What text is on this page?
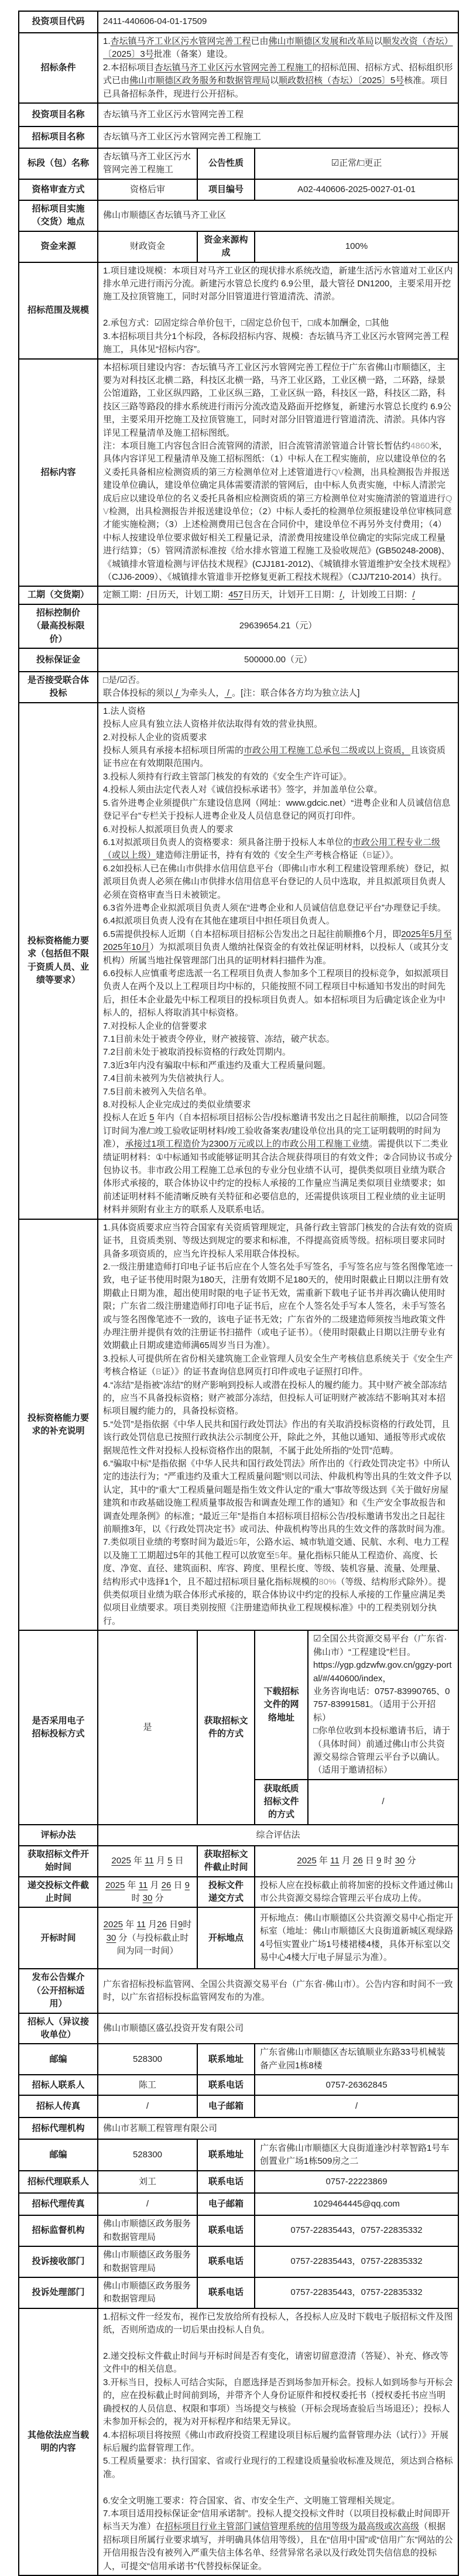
投资项目代码	2411-440606-04-01-17509			
招标条件	1.杏坛镇马齐工业区污水管网完善工程已由佛山市顺德区发展和改革局以顺发改资（杏坛）〔2025〕3号批准（备案）建设。
2.本招标项目杏坛镇马齐工业区污水管网完善工程施工的招标范围、招标方式、招标组织形式已由佛山市顺德区政务服务和数据管理局以顺政数招核（杏坛）〔2025〕5号核准。项目已具备招标条件，现进行公开招标。			
投资项目名称	杏坛镇马齐工业区污水管网完善工程			
招标项目名称	杏坛镇马齐工业区污水管网完善工程施工			
标段（包）名称	杏坛镇马齐工业区污水管网完善工程施工	公告性质	☑正常/□更正	
资格审查方式	资格后审	项目编号	A02-440606-2025-0027-01-01	
招标项目实施
（交货）地点	佛山市顺德区杏坛镇马齐工业区			
资金来源	财政资金	资金来源构成	100%	
招标范围及规模	1.项目建设规模：本项目对马齐工业区的现状排水系统改造，新建生活污水管道对工业区内排水单元进行雨污分流。新建污水管总长度约 6.9公里，最大管径 DN1200，主要采用开挖施工及拉顶管施工，同时对部分旧管道进行管道清洗、清淤。

2.承包方式：☑固定综合单价包干，□固定总价包干，□成本加酬金，□其他
3.本招标项目共分1个标段，各标段招标内容、规模：杏坛镇马齐工业区污水管网完善工程施工，具体见“招标内容”。			
招标内容	本招标项目建设内容：杏坛镇马齐工业区污水管网完善工程位于广东省佛山市顺德区，主要为对科技区北横二路，科技区北横一路，马齐工业区路，工业区横一路，二环路，绿景公馆道路，工业区纵四路，工业区纵三路，工业区纵一路，科技区一路，科技区二路，科技区三路等路段的排水系统进行雨污分流改造及路面开挖修复，新建污水管总长度约 6.9公里，主要采用开挖施工及拉顶管施工，同时对部分旧管道进行管道清洗、清淤。具体内容详见工程量清单及施工招标图纸。
注：本项目施工内容包含旧合流管网的清淤，旧合流管清淤管道合计管长暂估约4860米，具体内容详见工程量清单及施工招标图纸：（1）中标人在工程实施前，应以建设单位的名义委托具备相应检测资质的第三方检测单位对上述管道进行QV检测，出具检测报告并报送建设单位确认，建设单位确定具体需要清淤的管网后，由中标人负责实施，中标人清淤完成后应以建设单位的名义委托具备相应检测资质的第三方检测单位对实施清淤的管道进行QV检测，出具检测报告并报送建设单位；（2）中标人委托的检测单位须报建设单位审核同意才能实施检测；（3）上述检测费用已包含在合同价中，建设单位不再另外支付费用；（4）中标人按建设单位要求做好相关工程量记录，清淤费用按建设单位确定的实际完成工程量进行结算；（5）管网清淤标准按《给水排水管道工程施工及验收规范》(GB50248-2008)、《城镇排水管道检测与评估技术规程》(CJJ181-2012)、《城镇排水管道维护安全技术规程》（CJJ6-2009）、《城镇排水管道非开挖修复更新工程技术规程》（CJJ/T210-2014）执行。			
工期（交货期）	定额工期：/日历天，计划工期：457日历天，计划开工日期：/，计划竣工日期：/			
招标控制价
（最高投标限
价）	29639654.21（元）			
投标保证金	500000.00（元）			
是否接受联合体
投标	□是/☑否。
联合体投标的须以 / 为牵头人， / 。[注：联合体各方均为独立法人]			
投标资格能力要求（包括但不限于资质人员、业绩等要求）	1.法人资格
投标人应具有独立法人资格并依法取得有效的营业执照。
2.对投标人企业的资质要求
投标人须具有承接本招标项目所需的市政公用工程施工总承包二级或以上资质，且该资质证书应在有效期限范围内。
3.投标人须持有行政主管部门核发的有效的《安全生产许可证》。
4.投标人须由法定代表人对《诚信投标承诺书》签字，并加盖单位公章。
5.省外进粤企业须提供广东建设信息网（网址：www.gdcic.net）“进粤企业和人员诚信信息登记平台”专栏关于投标人进粤企业及人员信息登记的网页打印件。
6.对投标人拟派项目负责人的要求
6.1对拟派项目负责人的资格要求：须具备注册于投标人本单位的市政公用工程专业二级（或以上级）建造师注册证书，持有有效的《安全生产考核合格证（B证）》。
6.2如投标人已在佛山市供排水信用信息平台（即佛山市水利工程建设管理系统）登记，拟派项目负责人必须在佛山市供排水信用信息平台登记的人员中选取，并且拟派项目负责人必须在资格审查当日未被锁定。
6.3省外进粤企业拟派项目负责人须在“进粤企业和人员诚信信息登记平台”办理登记手续。
6.4拟派项目负责人没有在其他在建项目中担任项目负责人。
6.5需提供投标人近期（自本招标项目招标公告发出之日起往前顺推6个月，即2025年5月至2025年10月）为拟派项目负责人缴纳社保资金的有效社保证明材料，以投标人（或其分支机构）所属当地社保管理部门出具的证明材料扫描件为准。
6.6投标人应慎重考虑选派一名工程项目负责人参加多个工程项目的投标竞争，如拟派项目负责人在两个及以上工程项目均中标的，只能按照不同工程项目中标通知书发出的时间先后，担任本企业最先中标工程项目的投标项目负责人。如本招标项目为后确定该企业为中标人的，招标人将取消其中标资格。
7.对投标人企业的信誉要求
7.1目前未处于被责令停业，财产被接管、冻结，破产状态。
7.2目前未处于被取消投标资格的行政处罚期内。
7.3近3年内没有骗取中标和严重违约及重大工程质量问题。
7.4目前未被列为失信被执行人。
7.5目前未被列入失信名单。
8.对投标人企业完成过的类似业绩要求
投标人在近 5 年内（自本招标项目招标公告/投标邀请书发出之日起往前顺推，以☑合同签订时间为准/□竣工验收证明材料/竣工验收备案表/建设单位出具的完工证明载明的时间为准），承接过1项工程造价为2300万元或以上的市政公用工程施工业绩。需提供以下二类业绩证明材料：①中标通知书或能够证明其合法合规获得项目的有效文件；②合同协议书或分包协议书。非市政公用工程施工总承包的专业分包业绩不认可，提供类似项目业绩为联合体形式承接的，联合体协议中约定的投标人承接的工作量应当满足类似项目业绩要求；如前述证明材料不能清晰反映有关特征和必要信息的，还需提供该项目工程业绩的业主证明材料并须附有业主方的联系人及联系电话。
投标资格能力要
求的补充说明	1.具体资质要求应当符合国家有关资质管理规定，具备行政主管部门核发的合法有效的资质证书，且资质类别、等级达到规定的要求和标准，不得提高资质等级。招标项目要求同时具备多项资质的，应当允许投标人采用联合体投标。
2.一级注册建造师打印电子证书后应在个人签名处手写签名，手写签名应与签名图像笔迹一致，电子证书使用时限为180天，注册有效期不足180天的，使用时限截止日期以注册有效期截止日期为准，超出使用时限的电子证书无效，需重新下载电子证书并再次确认使用时限；广东省二级注册建造师打印电子证书后，应在个人签名处手写本人签名，未手写签名或与签名图像笔迹不一致的，该电子证书无效；广东省外的二级建造师须按当地政策文件办理注册并提供有效的注册证书扫描件（或电子证书）。（使用时限截止日期以注册专业有效期截止日期或建造师满65周岁当日为准）。
3.投标人可提供所在省份相关建筑施工企业管理人员安全生产考核信息系统关于《安全生产考核合格证（B证）》的证书查询信息网页打印件或电子证照打印件。
4.“冻结”是指被“冻结”的财产影响到投标人或潜在投标人的履约能力。其中财产被全部冻结的，应当不具备投标资格；财产被部分冻结，但投标人可证明财产被冻结不影响其对本招标项目履约能力的，具备投标资格。
5.“处罚”是指依据《中华人民共和国行政处罚法》作出的有关取消投标资格的行政处罚，且该行政处罚信息已按照行政执法公示制度公开，除此之外，其他以通知、通报等形式或依据规范性文件对投标人投标资格作出的限制，不属于此处所指的“处罚”范畴。
6.“骗取中标”是指依据《中华人民共和国行政处罚法》所作出的《行政处罚决定书》中所认定的违法行为；“严重违约及重大工程质量问题”则以司法、仲裁机构等出具的生效文件予以认定，其中的“重大”工程质量问题是指生效文件认定的“重大”事故等级达到《关于做好房屋建筑和市政基础设施工程质量事故报告和调查处理工作的通知》和《生产安全事故报告和调查处理条例》的标准；“最近三年”是指自本招标项目招标公告/投标邀请书发出之日起往前顺推3年，以《行政处罚决定书》或司法、仲裁机构等出具的生效文件的落款时间为准。
7.类似项目业绩的考察时间为最近5年，公路水运、城市轨道交通、民航、水利、电力工程以及施工工期超过5年的其他工程可以放宽至5年。量化指标只能从工程造价、高度、长度、净宽、直径、建筑面积、库容、跨度、里程长度、等级、装机容量、流量、处理量、结构形式中选择1个，且不超过招标项目量化指标规模的80%（等级、结构形式除外）。提供类似项目业绩为联合体形式承接的，联合体协议中约定的投标人承接的工作量应满足类似项目业绩要求。项目类别按照《注册建造师执业工程规模标准》中的工程类别划分执行。
是否采用电子
招标投标方式	是	获取招标文件的方式	下载招标文件的网络地址	☑全国公共资源交易平台（广东省·佛山市）“工程建设”栏目。
https://ygp.gdzwfw.gov.cn/ggzy-portal/#/440600/index，
业务咨询电话：0757-83990765、0757-83991581。（适用于公开招标）
□你单位收到本投标邀请书后，请于（具体时间）前通过佛山市公共资源交易综合管理云平台予以确认。（适用于邀请招标）
			获取纸质招标文件的方式	/
评标办法	综合评估法			
获取招标文件开
始时间	2025 年 11 月 5 日	获取招标文件截止时间	2025 年 11 月 26 日 9 时 30 分	
递交投标文件截
止时间	2025 年 11 月 26 日 9 时 30 分	投标文件
递交方式	投标人应在投标截止前将加密的投标文件通过佛山市公共资源交易综合管理云平台成功上传。	
开标时间	2025 年 11 月26 日9时 30 分（与投标截止时间为同一时间）	开标地点	开标地点：佛山市顺德区公共资源交易中心指定开标室（地址：佛山市顺德区大良街道新城区观绿路4号恒实置业广场1号楼裙楼4楼，具体开标室以交易中心4楼大厅电子屏显示为准）。	
发布公告媒介
（公开招标适
用）	广东省招标投标监管网、全国公共资源交易平台（广东省·佛山市）。公告内容和时间不一致时，以广东省招标投标监管网发布的为准。			
招标人（异议接
收单位）	佛山市顺德区盛弘投资开发有限公司			
邮编	528300	联系地址	广东省佛山市顺德区杏坛镇顺业东路33号机械装备产业园1栋8楼	
招标人联系人	陈工	联系电话	0757-26362845	
招标人传真	/	电子邮箱	/	
招标代理机构	佛山市茗顺工程管理有限公司			
邮编	528300	联系地址	广东省佛山市顺德区大良街道逢沙村萃智路1号车创置业广场1栋509房之二	
招标代理联系人	刘工	联系电话	0757-22223869	
招标代理传真	/	电子邮箱	1029464445@qq.com	
招标监督机构	佛山市顺德区政务服务和数据管理局	联系电话	0757-22835443，0757-22835332	
投诉接收部门	佛山市顺德区政务服务和数据管理局	联系电话	0757-22835443，0757-22835332	
投诉处理部门	佛山市顺德区政务服务和数据管理局	联系电话	0757-22835443，0757-22835332	
其他依法应当载
明的内容	1.招标文件一经发布，视作已发放给所有投标人，各投标人应及时下载电子版招标文件及图纸，否则所造成的一切后果由投标人自负。

2.递交投标文件截止时间与开标时间是否有变化，请密切留意澄清（答疑）、补充、修改等文件中的相关信息。
3.开标当日，投标人可结合实际，自愿选择是否到场参加开标会。投标人如到场参与开标会的，应在投标截止时间前到场，并带齐个人身份证原件和授权委托书（授权委托书应当明确授权的人员信息、权限和事项）当场提交与核验（开标会现场查验后当场退还）；投标人未参加开标会的，视为对开标程序和结果无异议。
4.本招标项目将按照《佛山市政府投资工程建设项目标后履约监督管理办法（试行）》开展标后履约监督管理工作。
5.工程质量要求：执行国家、省或行业现行的工程建设质量验收标准及规范，须达到合格标准。

6.安全文明施工要求：符合国家、省、市安全生产、文明施工管理相关规定。
7.本项目适用投标保证金“信用承诺制”。投标人提交投标文件时（以项目投标截止时间即开标当天为准）在招标项目行业主管部门诚信管理系统的信用等级为最高级或次高级（根据招标项目所属行业要求填写，并明确具体信用等级），且在“信用中国”或“信用广东”网站的公开信用报告没有被列入严重失信主体名单、经营异常名录以及行政处罚失信信息的投标人，可提交“信用承诺书”代替投标保证金。
